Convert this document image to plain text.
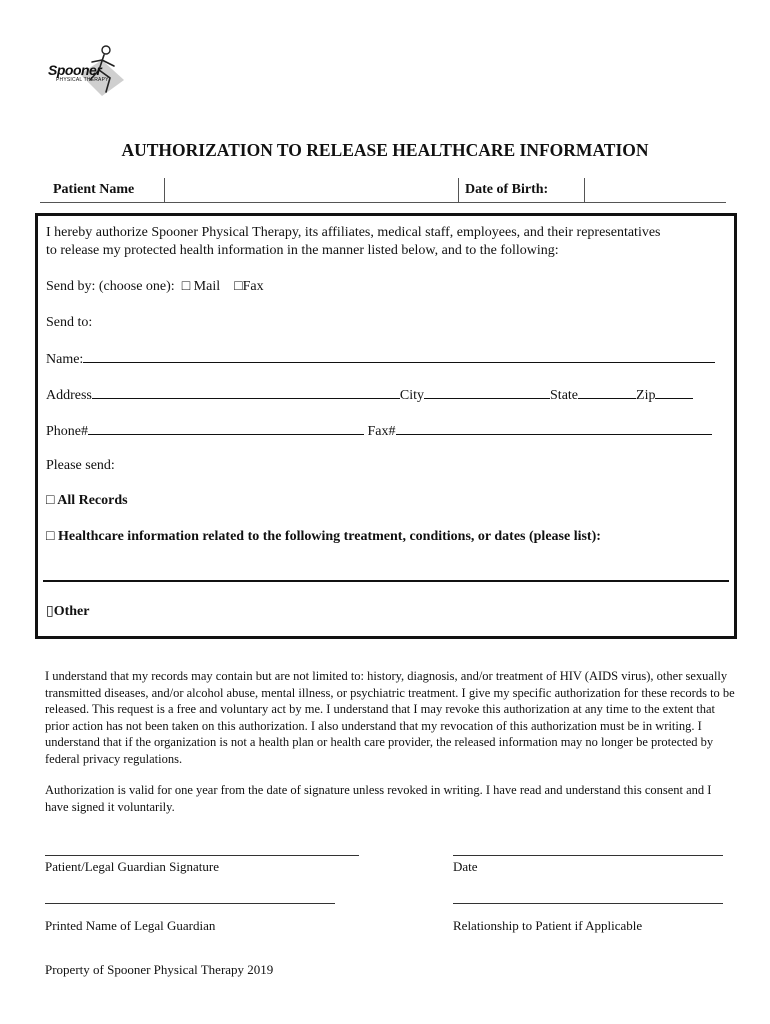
Spooner
PHYSICAL THERAPY
AUTHORIZATION TO RELEASE HEALTHCARE INFORMATION
Patient Name	Date of Birth:
I hereby authorize Spooner Physical Therapy, its affiliates, medical staff, employees, and their representatives
to release my protected health information in the manner listed below, and to the following:
Send by: (choose one): □ Mail □Fax
Send to:
Name:
Address	City	State	Zip
Phone#	Fax#
Please send:
□ All Records
□ Healthcare information related to the following treatment, conditions, or dates (please list):
▯Other
I understand that my records may contain but are not limited to: history, diagnosis, and/or treatment of HIV (AIDS virus), other sexually transmitted diseases, and/or alcohol abuse, mental illness, or psychiatric treatment. I give my specific authorization for these records to be released. This request is a free and voluntary act by me. I understand that I may revoke this authorization at any time to the extent that prior action has not been taken on this authorization. I also understand that my revocation of this authorization must be in writing. I understand that if the organization is not a health plan or health care provider, the released information may no longer be protected by federal privacy regulations.
Authorization is valid for one year from the date of signature unless revoked in writing. I have read and understand this consent and I have signed it voluntarily.
Patient/Legal Guardian Signature	Date
Printed Name of Legal Guardian	Relationship to Patient if Applicable
Property of Spooner Physical Therapy 2019
